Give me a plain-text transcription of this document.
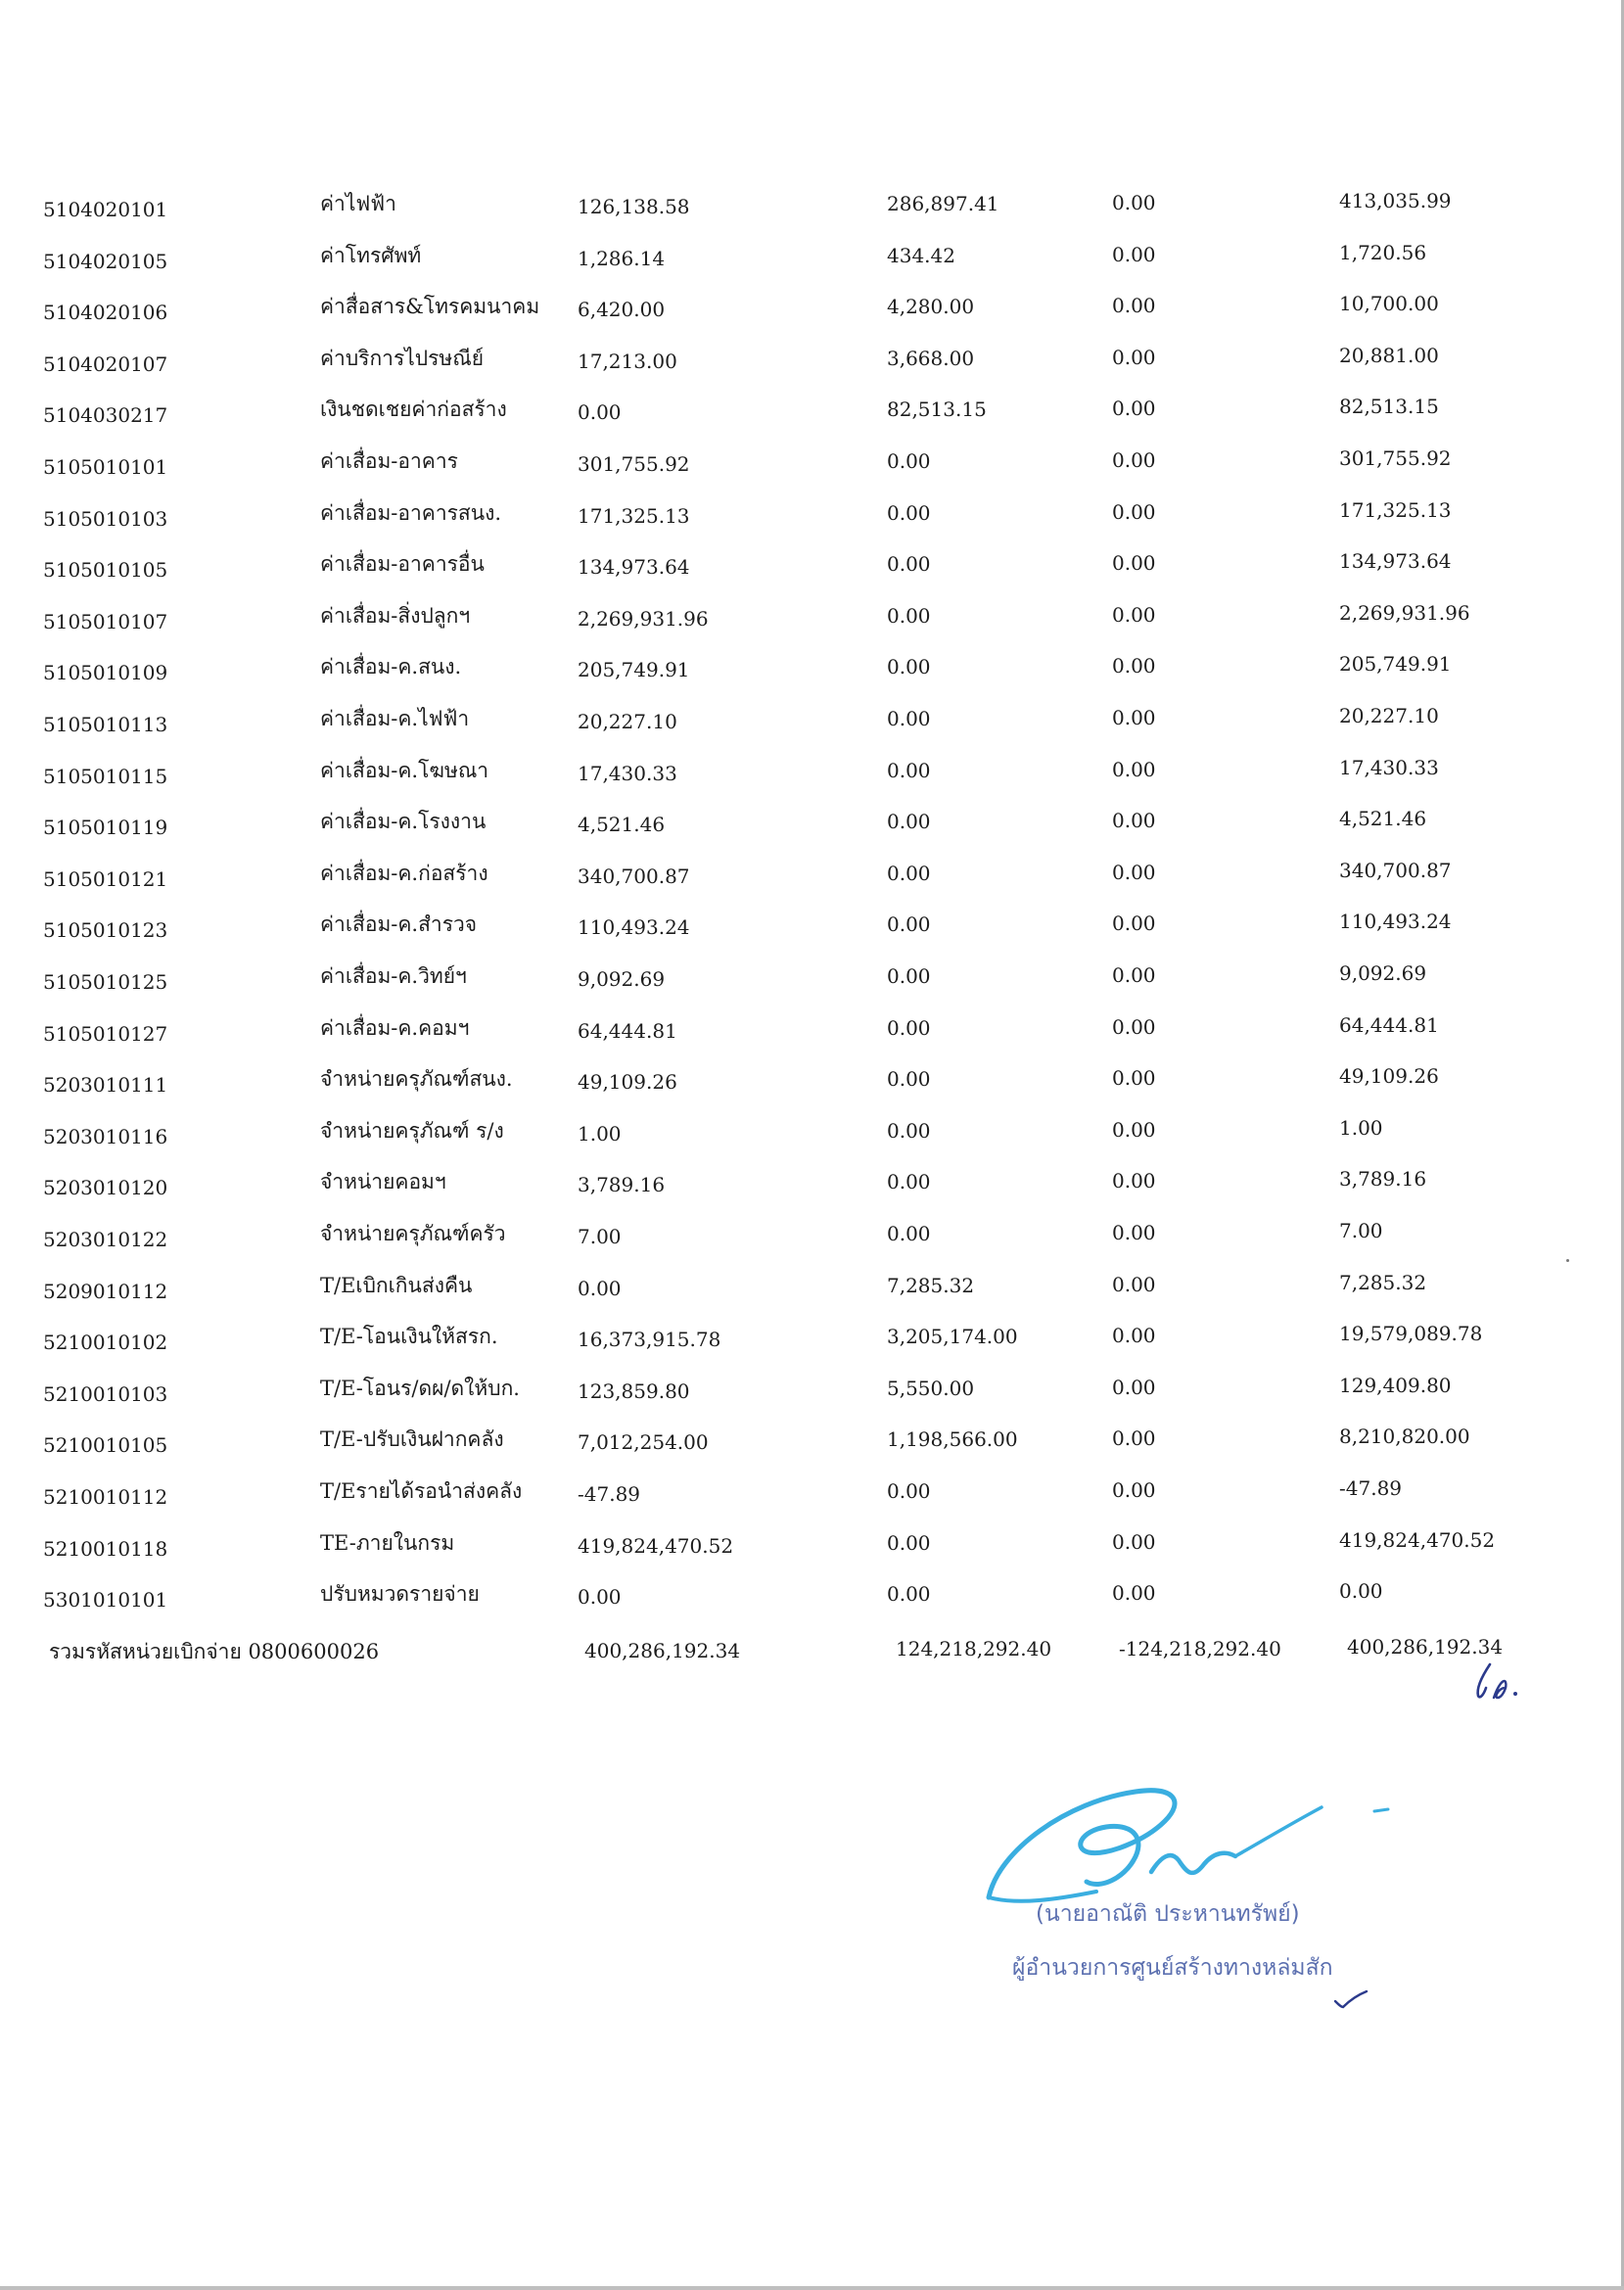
5104020101	ค่าไฟฟ้า	126,138.58	286,897.41	0.00	413,035.99
5104020105	ค่าโทรศัพท์	1,286.14	434.42	0.00	1,720.56
5104020106	ค่าสื่อสาร&โทรคมนาคม 6,420.00	4,280.00	0.00	10,700.00
5104020107	ค่าบริการไปรษณีย์	17,213.00	3,668.00	0.00	20,881.00
5104030217	เงินชดเชยค่าก่อสร้าง	0.00	82,513.15	0.00	82,513.15
5105010101	ค่าเสื่อม-อาคาร	301,755.92	0.00	0.00	301,755.92
5105010103	ค่าเสื่อม-อาคารสนง.	171,325.13	0.00	0.00	171,325.13
5105010105	ค่าเสื่อม-อาคารอื่น	134,973.64	0.00	0.00	134,973.64
5105010107	ค่าเสื่อม-สิ่งปลูกฯ	2,269,931.96	0.00	0.00	2,269,931.96
5105010109	ค่าเสื่อม-ค.สนง.	205,749.91	0.00	0.00	205,749.91
5105010113	ค่าเสื่อม-ค.ไฟฟ้า	20,227.10	0.00	0.00	20,227.10
5105010115	ค่าเสื่อม-ค.โฆษณา	17,430.33	0.00	0.00	17,430.33
5105010119	ค่าเสื่อม-ค.โรงงาน	4,521.46	0.00	0.00	4,521.46
5105010121	ค่าเสื่อม-ค.ก่อสร้าง	340,700.87	0.00	0.00	340,700.87
5105010123	ค่าเสื่อม-ค.สำรวจ	110,493.24	0.00	0.00	110,493.24
5105010125	ค่าเสื่อม-ค.วิทย์ฯ	9,092.69	0.00	0.00	9,092.69
5105010127	ค่าเสื่อม-ค.คอมฯ	64,444.81	0.00	0.00	64,444.81
5203010111	จำหน่ายครุภัณฑ์สนง.	49,109.26	0.00	0.00	49,109.26
5203010116	จำหน่ายครุภัณฑ์ ร/ง	1.00	0.00	0.00	1.00
5203010120	จำหน่ายคอมฯ	3,789.16	0.00	0.00	3,789.16
5203010122	จำหน่ายครุภัณฑ์ครัว	7.00	0.00	0.00	7.00
5209010112	T/Eเบิกเกินส่งคืน	0.00	7,285.32	0.00	7,285.32
5210010102	T/E-โอนเงินให้สรก.	16,373,915.78	3,205,174.00	0.00	19,579,089.78
5210010103	T/E-โอนร/ดผ/ดให้บก.	123,859.80	5,550.00	0.00	129,409.80
5210010105	T/E-ปรับเงินฝากคลัง	7,012,254.00	1,198,566.00	0.00	8,210,820.00
5210010112	T/Eรายได้รอนำส่งคลัง	-47.89	0.00	0.00	-47.89
5210010118	TE-ภายในกรม	419,824,470.52	0.00	0.00	419,824,470.52
5301010101	ปรับหมวดรายจ่าย	0.00	0.00	0.00	0.00
รวมรหัสหน่วยเบิกจ่าย 0800600026	400,286,192.34	124,218,292.40	-124,218,292.40	400,286,192.34
(นายอาณัติ ประหานทรัพย์)
ผู้อำนวยการศูนย์สร้างทางหล่มสัก
